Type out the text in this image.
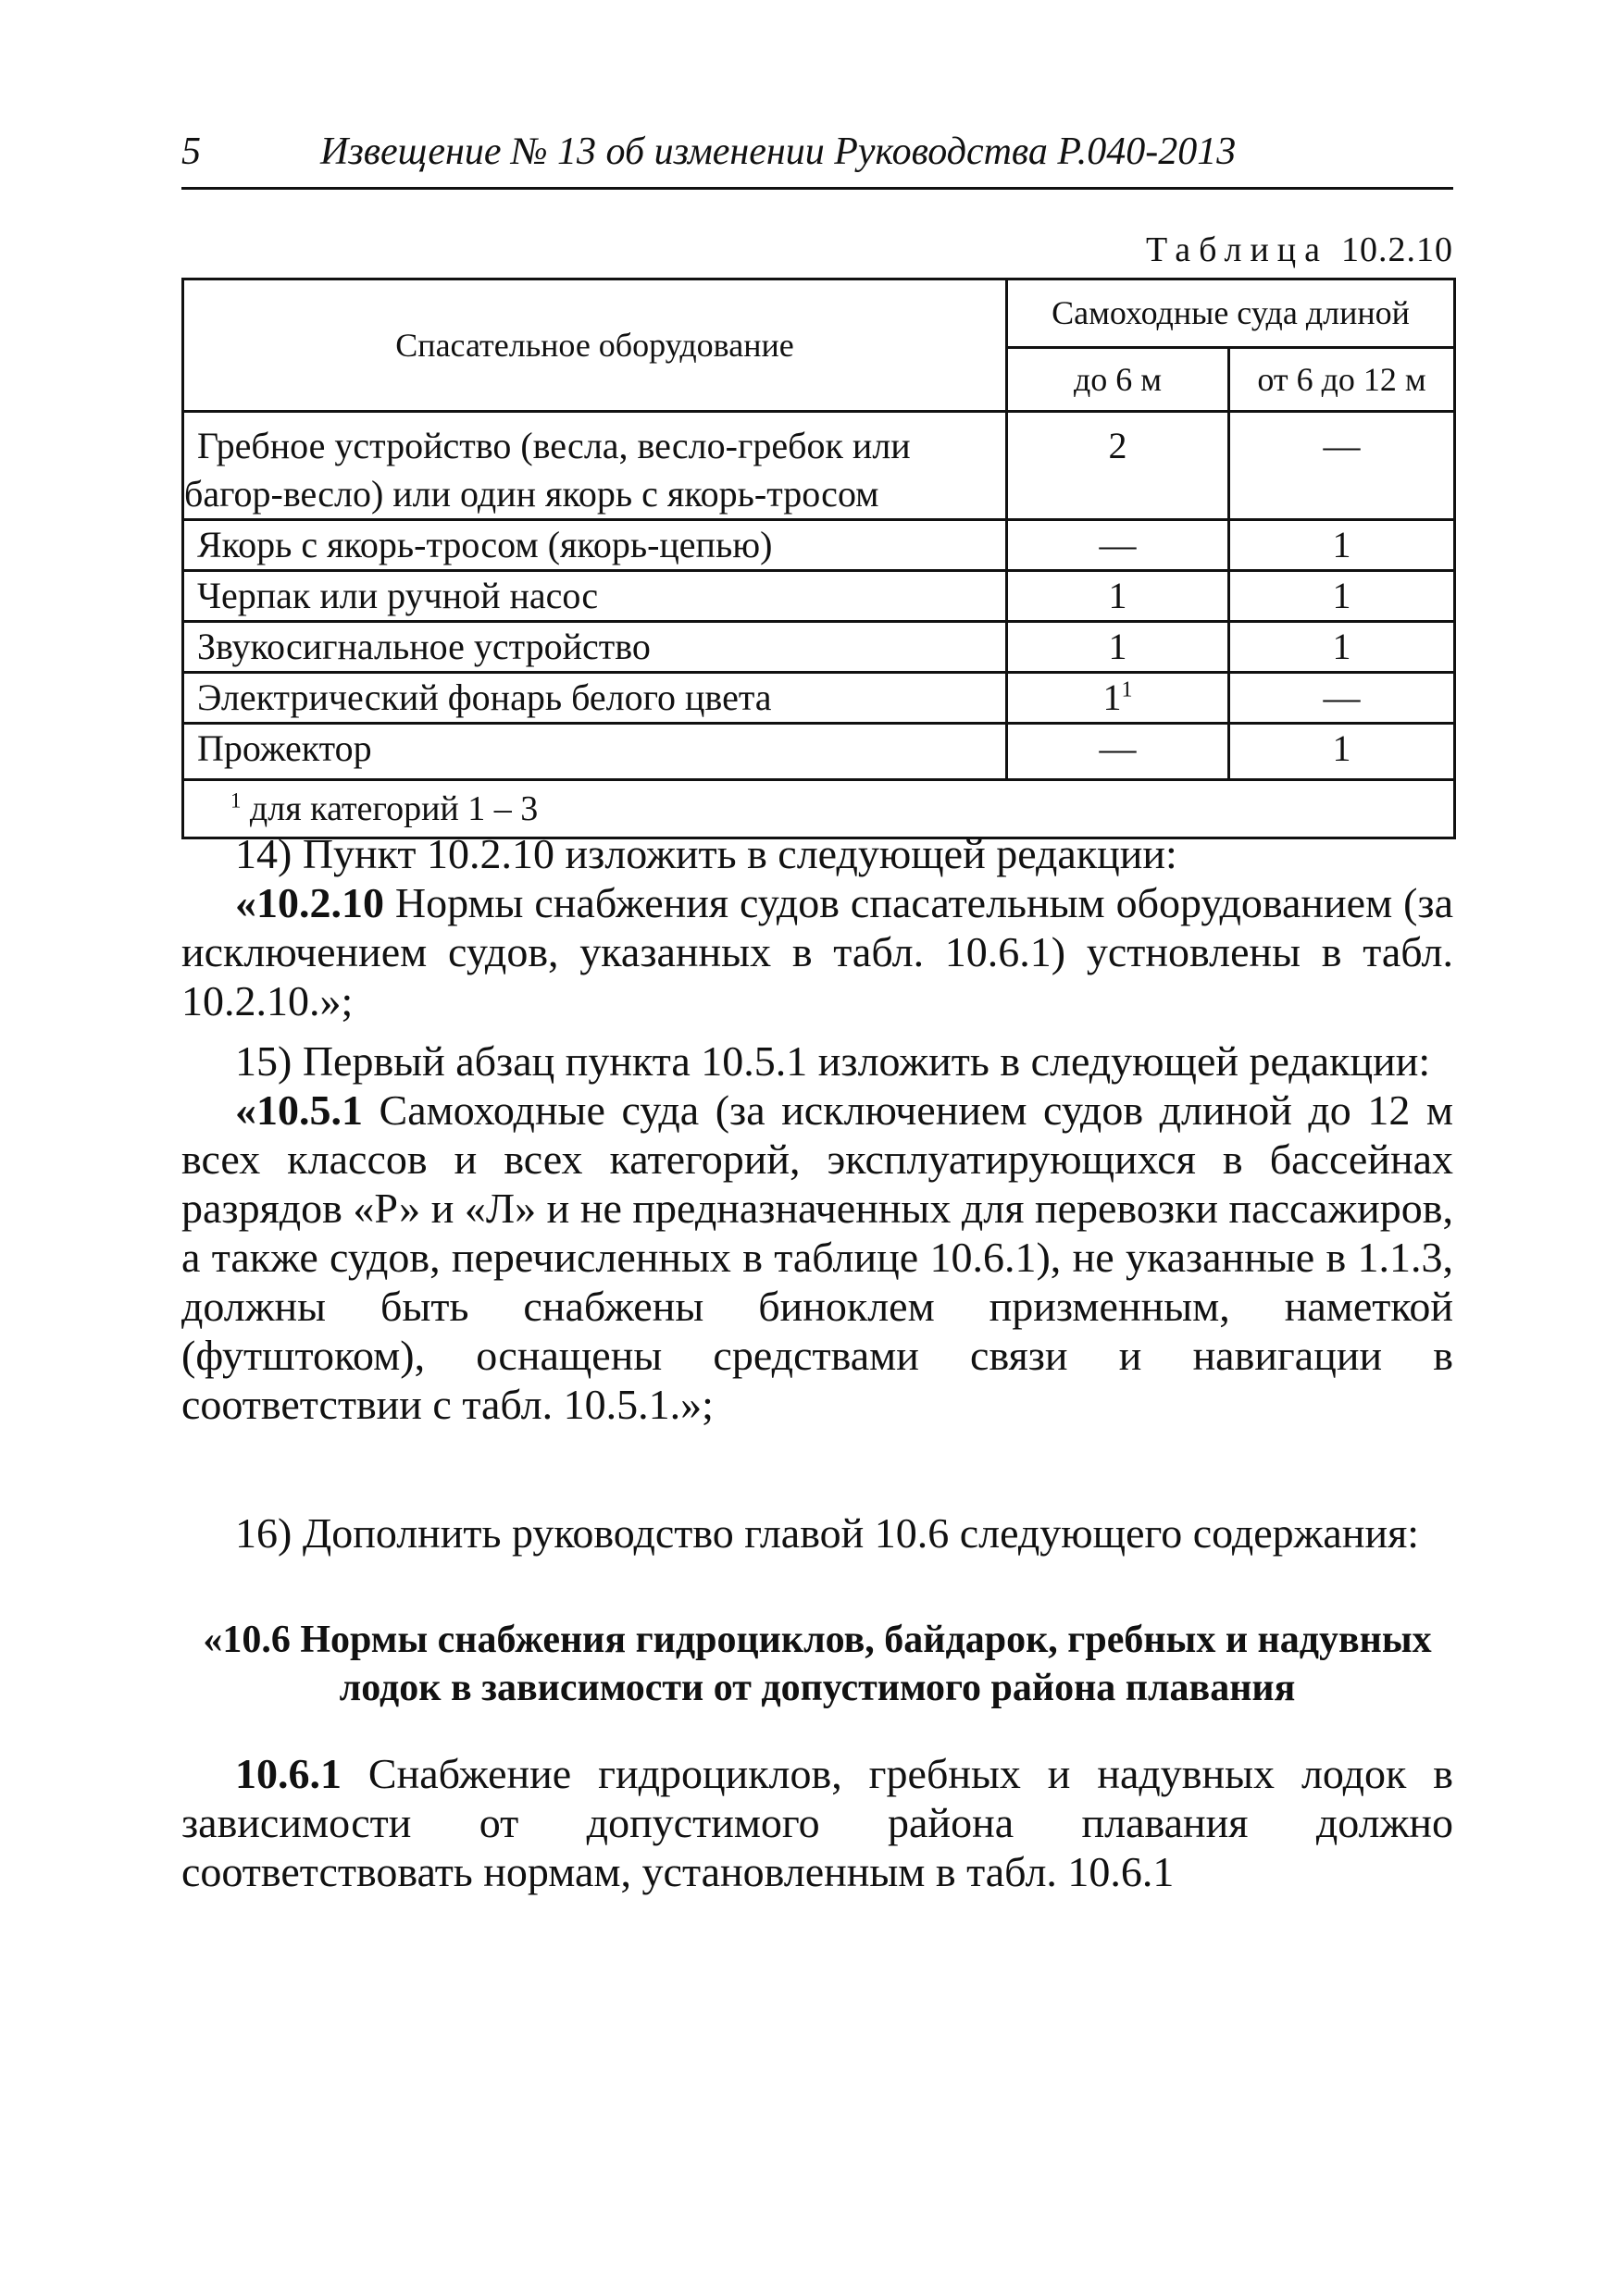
5	Извещение № 13 об изменении Руководства Р.040-2013
Таблица 10.2.10
Спасательное оборудование	Самоходные суда длиной	
	до 6 м	от 6 до 12 м

Гребное устройство (весла, весло-гребок или
багор-весло) или один якорь с якорь-тросом	2	—
Якорь с якорь-тросом (якорь-цепью)	—	1
Черпак или ручной насос	1	1
Звукосигнальное устройство	1	1
Электрический фонарь белого цвета	$1^1$	—
Прожектор	—	1
$^1$ для категорий 1 – 3		

14) Пункт 10.2.10 изложить в следующей редакции:

«10.2.10 Нормы снабжения судов спасательным оборудованием (за исключением судов, указанных в табл. 10.6.1) устновлены в табл. 10.2.10.»;

15) Первый абзац пункта 10.5.1 изложить в следующей редакции:

«10.5.1 Самоходные суда (за исключением судов длиной до 12 м всех классов и всех категорий, эксплуатирующихся в бассейнах разрядов «Р» и «Л» и не предназначенных для перевозки пассажиров, а также судов, перечисленных в таблице 10.6.1), не указанные в 1.1.3, должны быть снабжены биноклем призменным, наметкой (футштоком), оснащены средствами связи и навигации в соответствии с табл. 10.5.1.»;

16) Дополнить руководство главой 10.6 следующего содержания:

«10.6 Нормы снабжения гидроциклов, байдарок, гребных и надувных
лодок в зависимости от допустимого района плавания

10.6.1 Снабжение гидроциклов, гребных и надувных лодок в зависимости от допустимого района плавания должно соответствовать нормам, установленным в табл. 10.6.1
